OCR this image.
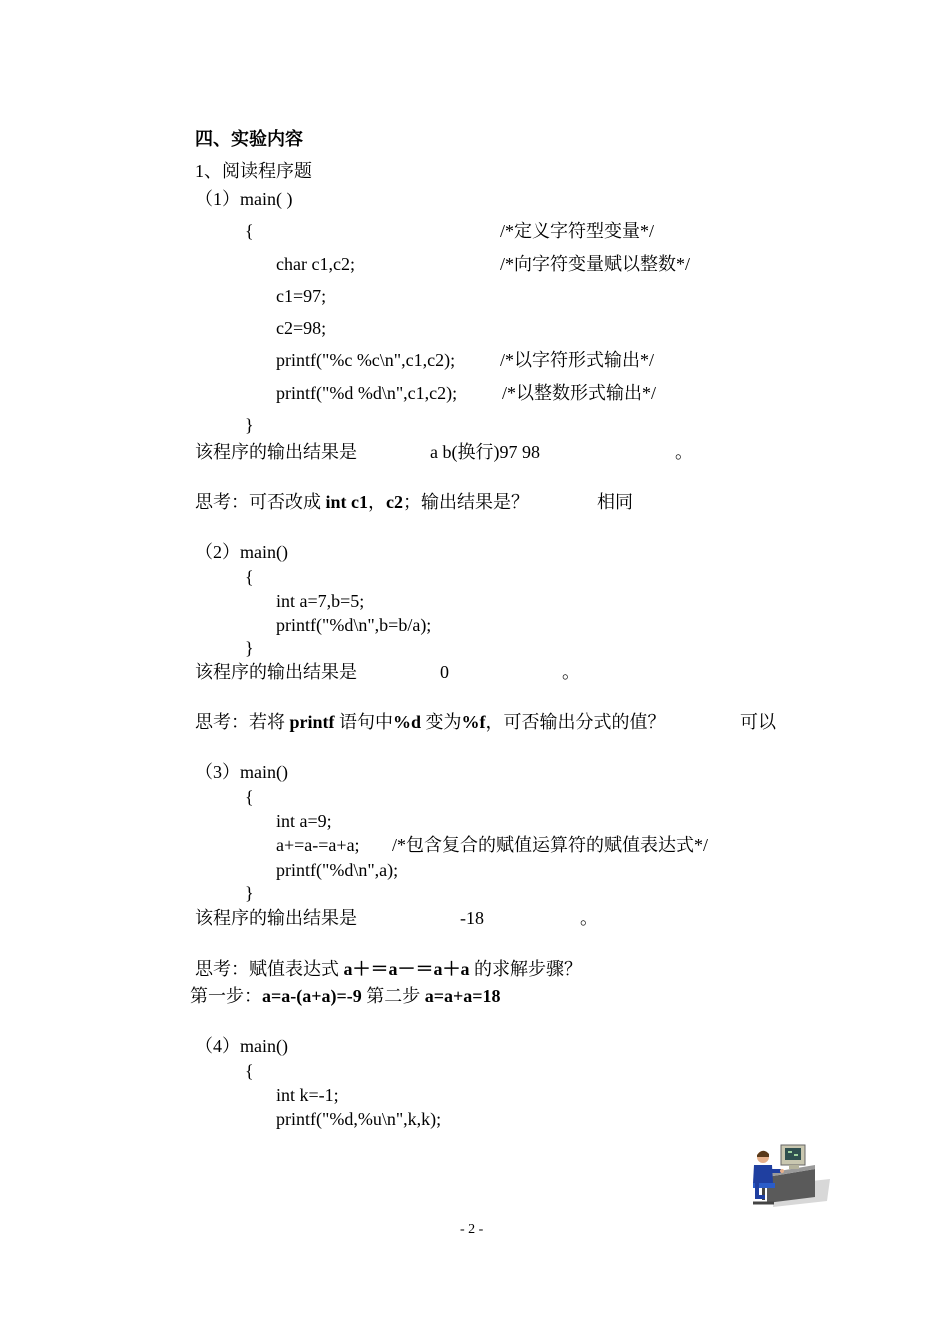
四、实验内容
1、阅读程序题
（1）main( )
{	/*定义字符型变量*/
char c1,c2;	/*向字符变量赋以整数*/
c1=97;
c2=98;
printf("%c %c\n",c1,c2); /*以字符形式输出*/
printf("%d %d\n",c1,c2); /*以整数形式输出*/
}
该程序的输出结果是	a b(换行)97 98	。
思考：可否改成 int c1，c2；输出结果是？	相同
（2）main()
{
int a=7,b=5;
printf("%d\n",b=b/a);
}
该程序的输出结果是	0	。
思考：若将 printf 语句中%d 变为%f，可否输出分式的值？	可以
（3）main()
{
int a=9;
a+=a-=a+a; /*包含复合的赋值运算符的赋值表达式*/
printf("%d\n",a);
}
该程序的输出结果是	-18	。
思考：赋值表达式 a＋＝a－＝a＋a 的求解步骤？
第一步：a=a-(a+a)=-9 第二步 a=a+a=18
（4）main()
{
int k=-1;
printf("%d,%u\n",k,k);
- 2 -
